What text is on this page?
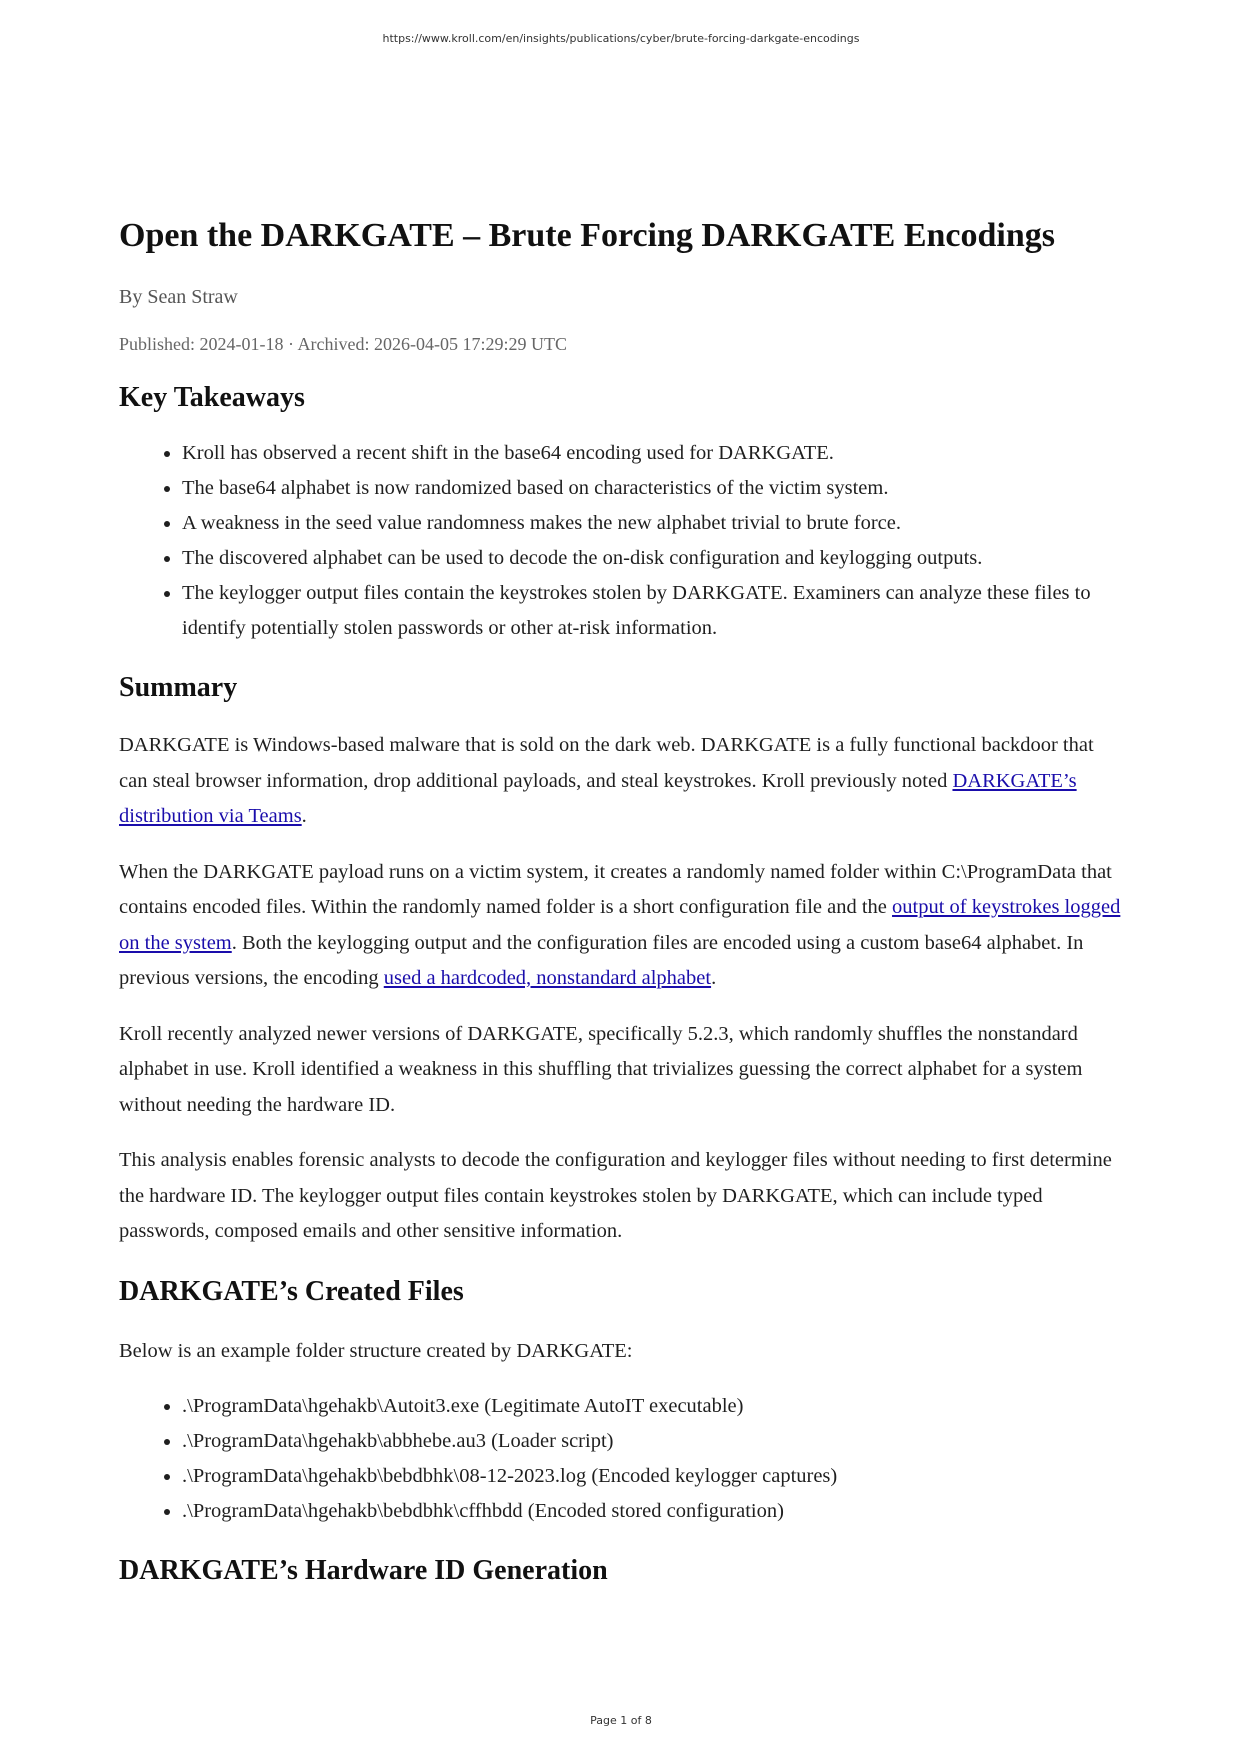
https://www.kroll.com/en/insights/publications/cyber/brute-forcing-darkgate-encodings
Open the DARKGATE – Brute Forcing DARKGATE Encodings
By Sean Straw
Published: 2024-01-18 · Archived: 2026-04-05 17:29:29 UTC
Key Takeaways
• Kroll has observed a recent shift in the base64 encoding used for DARKGATE.
• The base64 alphabet is now randomized based on characteristics of the victim system.
• A weakness in the seed value randomness makes the new alphabet trivial to brute force.
• The discovered alphabet can be used to decode the on-disk configuration and keylogging outputs.
• The keylogger output files contain the keystrokes stolen by DARKGATE. Examiners can analyze these files to identify potentially stolen passwords or other at-risk information.
Summary

DARKGATE is Windows-based malware that is sold on the dark web. DARKGATE is a fully functional backdoor that can steal browser information, drop additional payloads, and steal keystrokes. Kroll previously noted DARKGATE’s distribution via Teams.

When the DARKGATE payload runs on a victim system, it creates a randomly named folder within C:\ProgramData that contains encoded files. Within the randomly named folder is a short configuration file and the output of keystrokes logged on the system. Both the keylogging output and the configuration files are encoded using a custom base64 alphabet. In previous versions, the encoding used a hardcoded, nonstandard alphabet.

Kroll recently analyzed newer versions of DARKGATE, specifically 5.2.3, which randomly shuffles the nonstandard alphabet in use. Kroll identified a weakness in this shuffling that trivializes guessing the correct alphabet for a system without needing the hardware ID.

This analysis enables forensic analysts to decode the configuration and keylogger files without needing to first determine the hardware ID. The keylogger output files contain keystrokes stolen by DARKGATE, which can include typed passwords, composed emails and other sensitive information.

DARKGATE’s Created Files

Below is an example folder structure created by DARKGATE:

• .\ProgramData\hgehakb\Autoit3.exe (Legitimate AutoIT executable)
• .\ProgramData\hgehakb\abbhebe.au3 (Loader script)
• .\ProgramData\hgehakb\bebdbhk\08-12-2023.log (Encoded keylogger captures)
• .\ProgramData\hgehakb\bebdbhk\cffhbdd (Encoded stored configuration)
DARKGATE’s Hardware ID Generation
Page 1 of 8
